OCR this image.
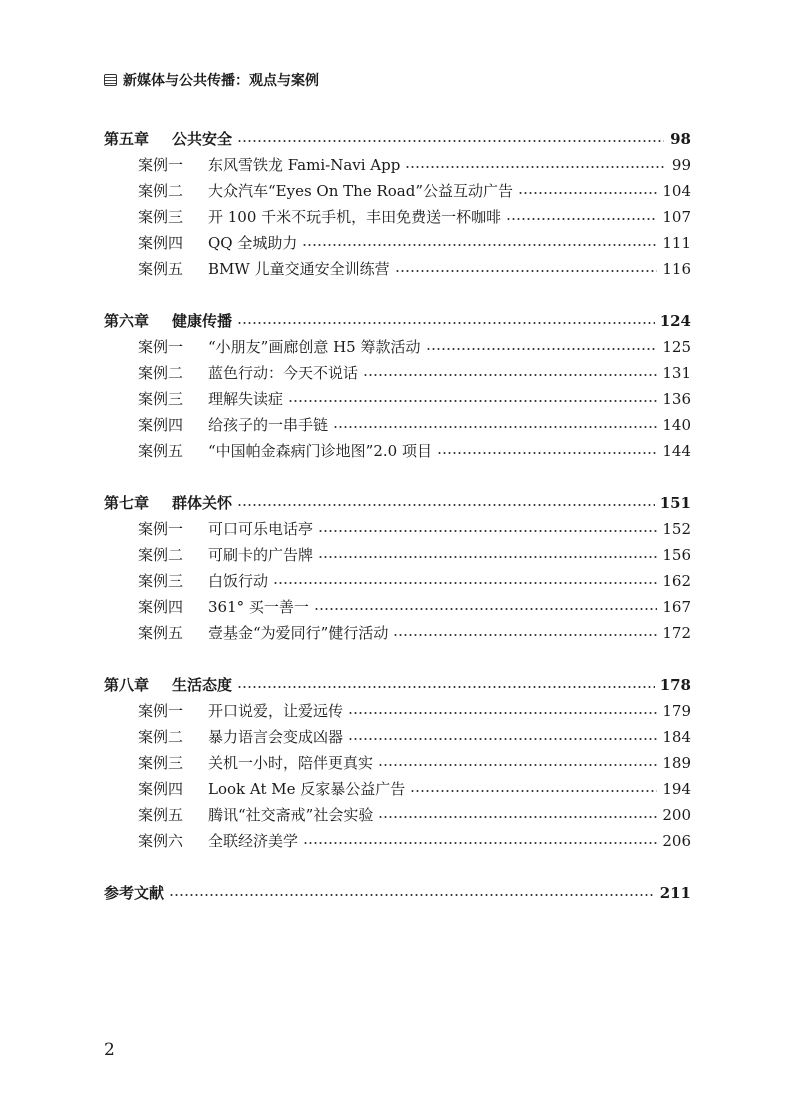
新媒体与公共传播：观点与案例
第五章	公共安全	98
案例一	东风雪铁龙 Fami-Navi App	99
案例二	大众汽车“Eyes On The Road”公益互动广告	104
案例三	开 100 千米不玩手机，丰田免费送一杯咖啡	107
案例四	QQ 全城助力	111
案例五	BMW 儿童交通安全训练营	116
第六章	健康传播	124
案例一	“小朋友”画廊创意 H5 筹款活动	125
案例二	蓝色行动：今天不说话	131
案例三	理解失读症	136
案例四	给孩子的一串手链	140
案例五	“中国帕金森病门诊地图”2.0 项目	144
第七章	群体关怀	151
案例一	可口可乐电话亭	152
案例二	可刷卡的广告牌	156
案例三	白饭行动	162
案例四	361° 买一善一	167
案例五	壹基金“为爱同行”健行活动	172
第八章	生活态度	178
案例一	开口说爱，让爱远传	179
案例二	暴力语言会变成凶器	184
案例三	关机一小时，陪伴更真实	189
案例四	Look At Me 反家暴公益广告	194
案例五	腾讯“社交斋戒”社会实验	200
案例六	全联经济美学	206
参考文献	211
2
